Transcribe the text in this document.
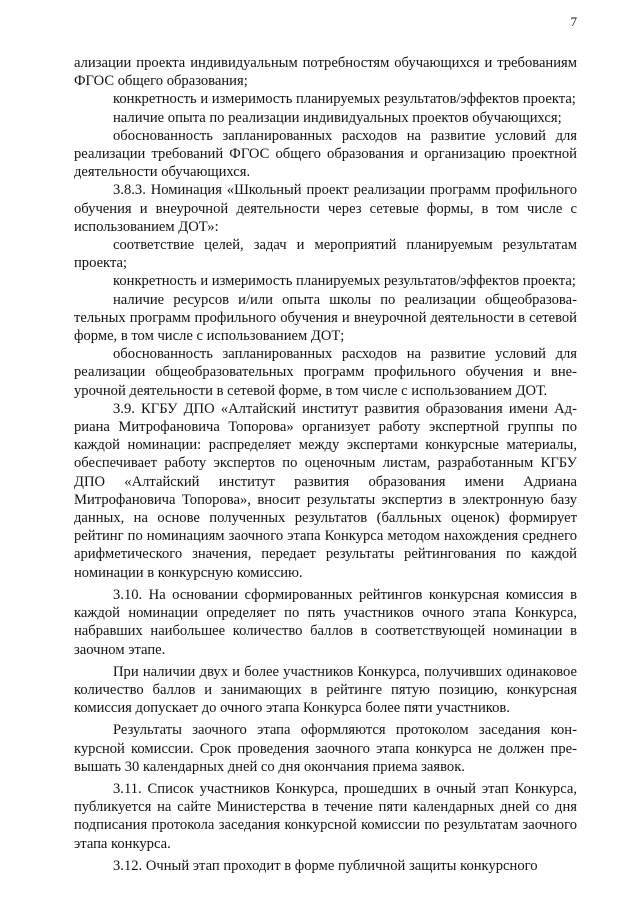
7

ализации проекта индивидуальным потребностям обучающихся и требованиям ФГОС общего образования;

конкретность и измеримость планируемых результатов/эффектов проекта;

наличие опыта по реализации индивидуальных проектов обучающихся;

обоснованность запланированных расходов на развитие условий для реализации требований ФГОС общего образования и организацию проектной деятельности обучающихся.

3.8.3. Номинация «Школьный проект реализации программ профильного обучения и внеурочной деятельности через сетевые формы, в том числе с использованием ДОТ»:

соответствие целей, задач и мероприятий планируемым результатам проекта;

конкретность и измеримость планируемых результатов/эффектов проекта;

наличие ресурсов и/или опыта школы по реализации общеобразовательных программ профильного обучения и внеурочной деятельности в сетевой форме, в том числе с использованием ДОТ;

обоснованность запланированных расходов на развитие условий для реализации общеобразовательных программ профильного обучения и внеурочной деятельности в сетевой форме, в том числе с использованием ДОТ.

3.9. КГБУ ДПО «Алтайский институт развития образования имени Адриана Митрофановича Топорова» организует работу экспертной группы по каждой номинации: распределяет между экспертами конкурсные материалы, обеспечивает работу экспертов по оценочным листам, разработанным КГБУ ДПО «Алтайский институт развития образования имени Адриана Митрофановича Топорова», вносит результаты экспертиз в электронную базу данных, на основе полученных результатов (балльных оценок) формирует рейтинг по номинациям заочного этапа Конкурса методом нахождения среднего арифметического значения, передает результаты рейтингования по каждой номинации в конкурсную комиссию.

3.10. На основании сформированных рейтингов конкурсная комиссия в каждой номинации определяет по пять участников очного этапа Конкурса, набравших наибольшее количество баллов в соответствующей номинации в заочном этапе.

При наличии двух и более участников Конкурса, получивших одинаковое количество баллов и занимающих в рейтинге пятую позицию, конкурсная комиссия допускает до очного этапа Конкурса более пяти участников.

Результаты заочного этапа оформляются протоколом заседания конкурсной комиссии. Срок проведения заочного этапа конкурса не должен превышать 30 календарных дней со дня окончания приема заявок.

3.11. Список участников Конкурса, прошедших в очный этап Конкурса, публикуется на сайте Министерства в течение пяти календарных дней со дня подписания протокола заседания конкурсной комиссии по результатам заочного этапа конкурса.

3.12. Очный этап проходит в форме публичной защиты конкурсного
